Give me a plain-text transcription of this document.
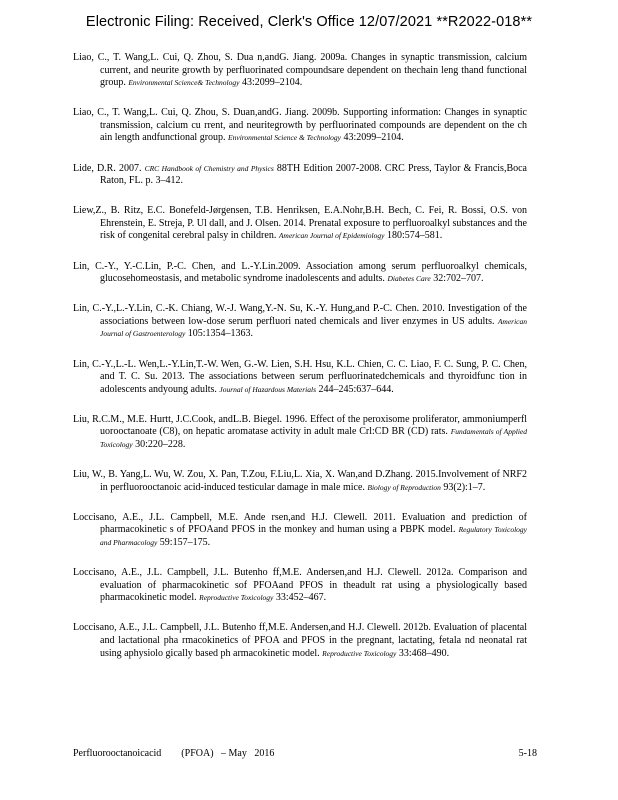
Electronic Filing: Received, Clerk's Office 12/07/2021 **R2022-018**

Liao, C., T. Wang,L. Cui, Q. Zhou, S. Dua n,andG. Jiang. 2009a. Changes in synaptic transmission, calcium current, and neurite growth by perfluorinated compoundsare dependent on thechain leng thand functional group. Environmental Science& Technology 43:2099–2104.

Liao, C., T. Wang,L. Cui, Q. Zhou, S. Duan,andG. Jiang. 2009b. Supporting information: Changes in synaptic transmission, calcium cu rrent, and neuritegrowth by perfluorinated compounds are dependent on the ch ain length andfunctional group. Environmental Science & Technology 43:2099–2104.

Lide, D.R. 2007. CRC Handbook of Chemistry and Physics 88TH Edition 2007-2008. CRC Press, Taylor & Francis,Boca Raton, FL. p. 3–412.

Liew,Z., B. Ritz, E.C. Bonefeld-Jørgensen, T.B. Henriksen, E.A.Nohr,B.H. Bech, C. Fei, R. Bossi, O.S. von Ehrenstein, E. Streja, P. Ul dall, and J. Olsen. 2014. Prenatal exposure to perfluoroalkyl substances and the risk of congenital cerebral palsy in children. American Journal of Epidemiology 180:574–581.

Lin, C.-Y., Y.-C.Lin, P.-C. Chen, and L.-Y.Lin.2009. Association among serum perfluoroalkyl chemicals, glucosehomeostasis, and metabolic syndrome inadolescents and adults. Diabetes Care 32:702–707.

Lin, C.-Y.,L.-Y.Lin, C.-K. Chiang, W.-J. Wang,Y.-N. Su, K.-Y. Hung,and P.-C. Chen. 2010. Investigation of the associations between low-dose serum perfluori nated chemicals and liver enzymes in US adults. American Journal of Gastroenterology 105:1354–1363.

Lin, C.-Y.,L.-L. Wen,L.-Y.Lin,T.-W. Wen, G.-W. Lien, S.H. Hsu, K.L. Chien, C. C. Liao, F. C. Sung, P. C. Chen, and T. C. Su. 2013. The associations between serum perfluorinatedchemicals and thyroidfunc tion in adolescents andyoung adults. Journal of Hazardous Materials 244–245:637–644.

Liu, R.C.M., M.E. Hurtt, J.C.Cook, andL.B. Biegel. 1996. Effect of the peroxisome proliferator, ammoniumperfl uorooctanoate (C8), on hepatic aromatase activity in adult male Crl:CD BR (CD) rats. Fundamentals of Applied Toxicology 30:220–228.

Liu, W., B. Yang,L. Wu, W. Zou, X. Pan, T.Zou, F.Liu,L. Xia, X. Wan,and D.Zhang. 2015.Involvement of NRF2 in perfluorooctanoic acid-induced testicular damage in male mice. Biology of Reproduction 93(2):1–7.

Loccisano, A.E., J.L. Campbell, M.E. Ande rsen,and H.J. Clewell. 2011. Evaluation and prediction of pharmacokinetic s of PFOAand PFOS in the monkey and human using a PBPK model. Regulatory Toxicology and Pharmacology 59:157–175.

Loccisano, A.E., J.L. Campbell, J.L. Butenho ff,M.E. Andersen,and H.J. Clewell. 2012a. Comparison and evaluation of pharmacokinetic sof PFOAand PFOS in theadult rat using a physiologically based pharmacokinetic model. Reproductive Toxicology 33:452–467.

Loccisano, A.E., J.L. Campbell, J.L. Butenho ff,M.E. Andersen,and H.J. Clewell. 2012b. Evaluation of placental and lactational pha rmacokinetics of PFOA and PFOS in the pregnant, lactating, fetala nd neonatal rat using aphysiolo gically based ph armacokinetic model. Reproductive Toxicology 33:468–490.

Perfluorooctanoicacid        (PFOA)   – May   2016	5-18
